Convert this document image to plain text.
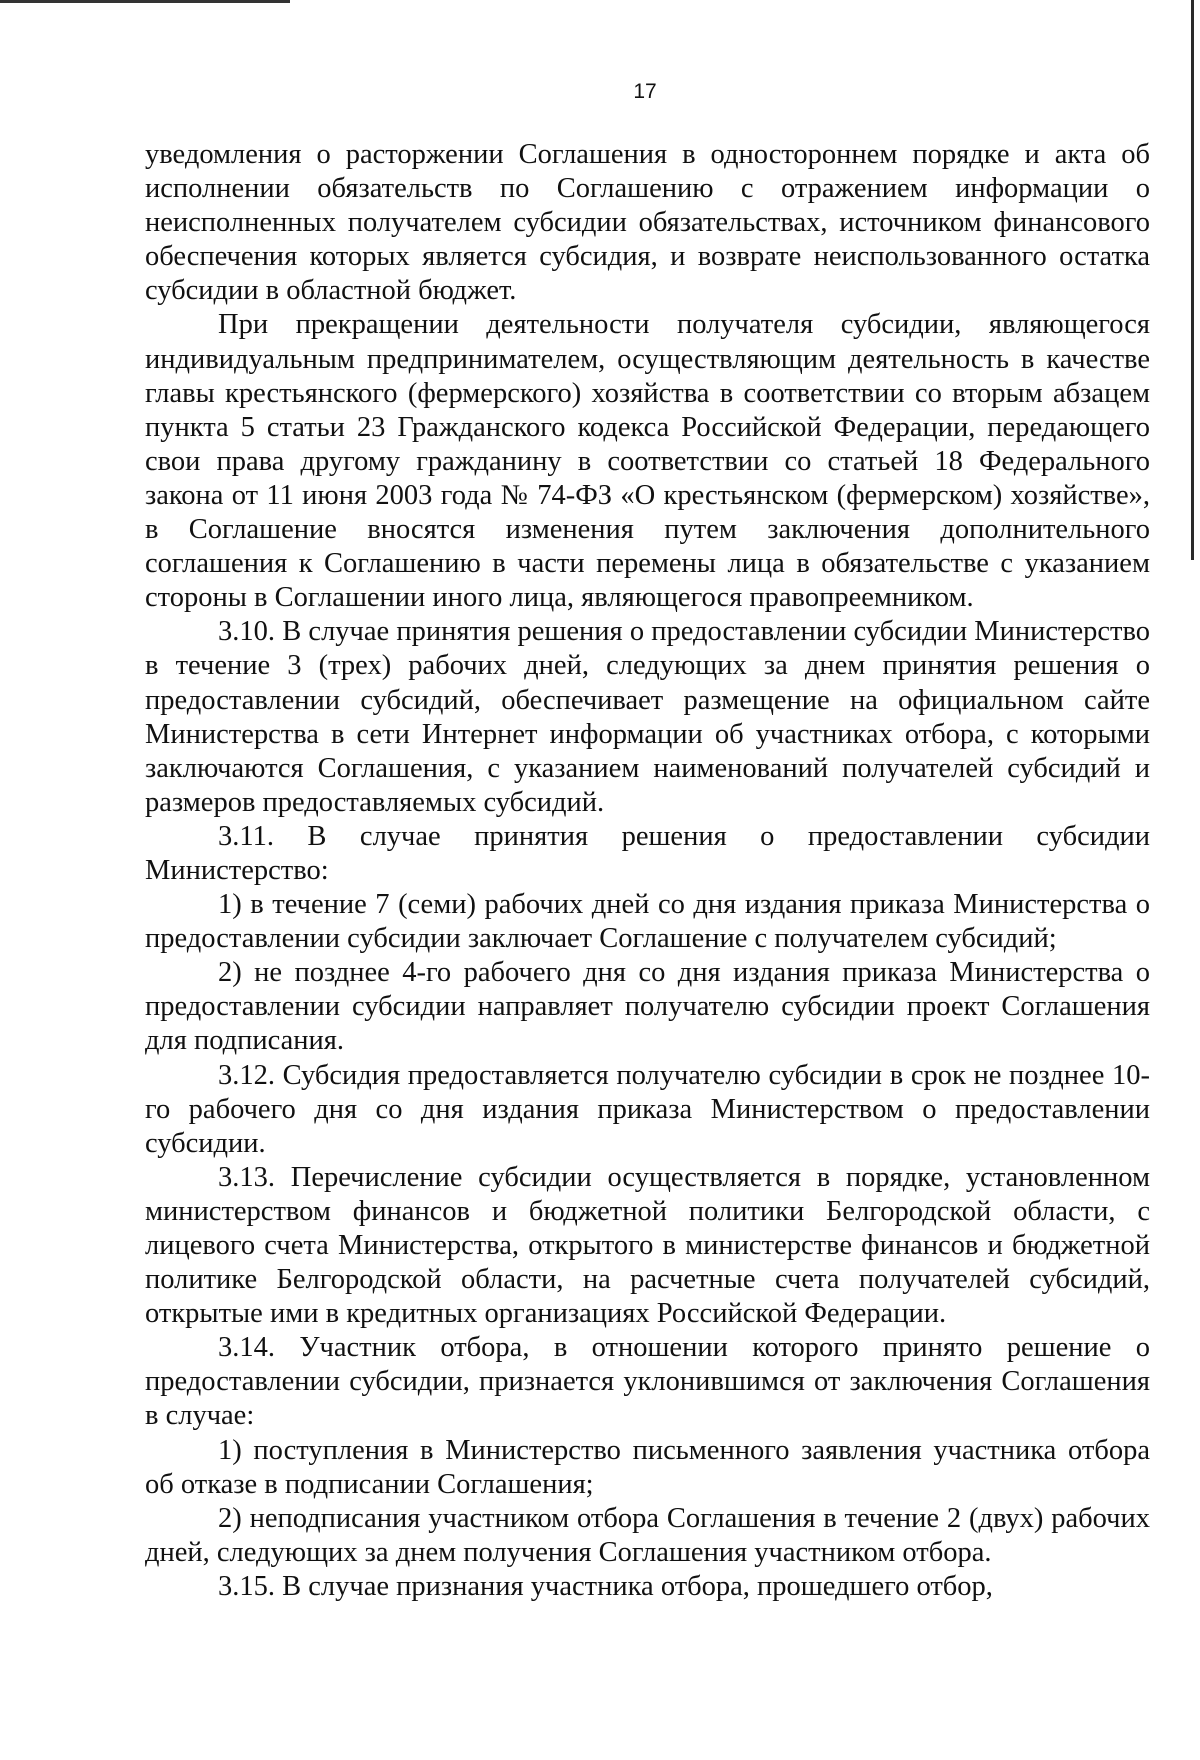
17

уведомления о расторжении Соглашения в одностороннем порядке и акта об исполнении обязательств по Соглашению с отражением информации о неисполненных получателем субсидии обязательствах, источником финансового обеспечения которых является субсидия, и возврате неиспользованного остатка субсидии в областной бюджет.

При прекращении деятельности получателя субсидии, являющегося индивидуальным предпринимателем, осуществляющим деятельность в качестве главы крестьянского (фермерского) хозяйства в соответствии со вторым абзацем пункта 5 статьи 23 Гражданского кодекса Российской Федерации, передающего свои права другому гражданину в соответствии со статьей 18 Федерального закона от 11 июня 2003 года № 74-ФЗ «О крестьянском (фермерском) хозяйстве», в Соглашение вносятся изменения путем заключения дополнительного соглашения к Соглашению в части перемены лица в обязательстве с указанием стороны в Соглашении иного лица, являющегося правопреемником.

3.10. В случае принятия решения о предоставлении субсидии Министерство в течение 3 (трех) рабочих дней, следующих за днем принятия решения о предоставлении субсидий, обеспечивает размещение на официальном сайте Министерства в сети Интернет информации об участниках отбора, с которыми заключаются Соглашения, с указанием наименований получателей субсидий и размеров предоставляемых субсидий.

3.11. В случае принятия решения о предоставлении субсидии Министерство:

1) в течение 7 (семи) рабочих дней со дня издания приказа Министерства о предоставлении субсидии заключает Соглашение с получателем субсидий;

2) не позднее 4-го рабочего дня со дня издания приказа Министерства о предоставлении субсидии направляет получателю субсидии проект Соглашения для подписания.

3.12. Субсидия предоставляется получателю субсидии в срок не позднее 10-го рабочего дня со дня издания приказа Министерством о предоставлении субсидии.

3.13. Перечисление субсидии осуществляется в порядке, установленном министерством финансов и бюджетной политики Белгородской области, с лицевого счета Министерства, открытого в министерстве финансов и бюджетной политике Белгородской области, на расчетные счета получателей субсидий, открытые ими в кредитных организациях Российской Федерации.

3.14. Участник отбора, в отношении которого принято решение о предоставлении субсидии, признается уклонившимся от заключения Соглашения в случае:

1) поступления в Министерство письменного заявления участника отбора об отказе в подписании Соглашения;

2) неподписания участником отбора Соглашения в течение 2 (двух) рабочих дней, следующих за днем получения Соглашения участником отбора.

3.15. В случае признания участника отбора, прошедшего отбор,
